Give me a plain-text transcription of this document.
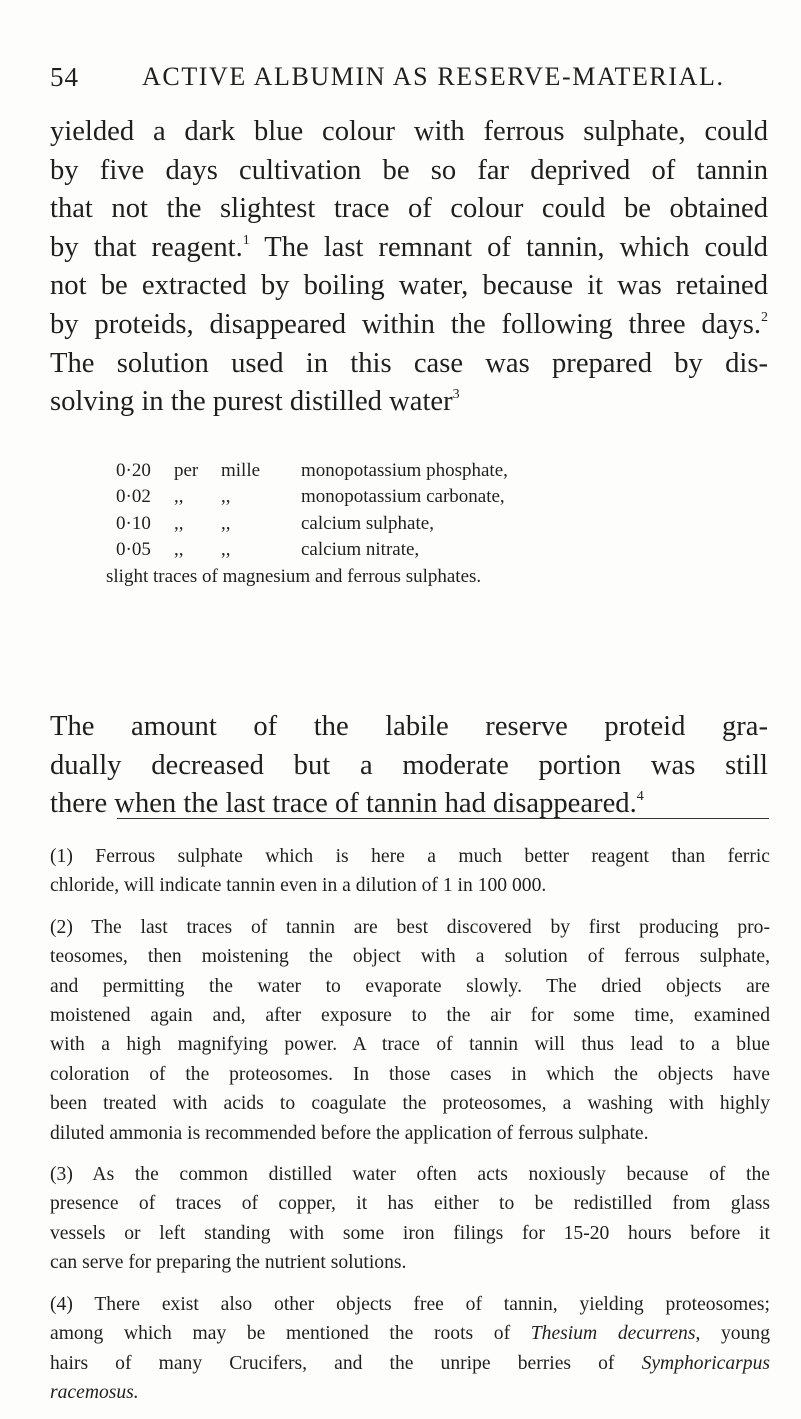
54 ACTIVE ALBUMIN AS RESERVE-MATERIAL.
yielded a dark blue colour with ferrous sulphate, could
by five days cultivation be so far deprived of tannin
that not the slightest trace of colour could be obtained
by that reagent.$^1$ The last remnant of tannin, which could
not be extracted by boiling water, because it was retained
by proteids, disappeared within the following three days.$^2$
The solution used in this case was prepared by dis-
solving in the purest distilled water$^3$
0·20	per	mille monopotassium phosphate,
0·02	,,	,,	monopotassium carbonate,
0·10	,,	,,	calcium sulphate,
0·05	,,	,,	calcium nitrate,
slight traces of magnesium and ferrous sulphates.
The amount of the labile reserve proteid gra-
dually decreased but a moderate portion was still
there when the last trace of tannin had disappeared.$^4$
(1) Ferrous sulphate which is here a much better reagent than ferric
chloride, will indicate tannin even in a dilution of 1 in 100 000.
(2) The last traces of tannin are best discovered by first producing pro-
teosomes, then moistening the object with a solution of ferrous sulphate,
and permitting the water to evaporate slowly. The dried objects are
moistened again and, after exposure to the air for some time, examined
with a high magnifying power. A trace of tannin will thus lead to a blue
coloration of the proteosomes. In those cases in which the objects have
been treated with acids to coagulate the proteosomes, a washing with highly
diluted ammonia is recommended before the application of ferrous sulphate.
(3) As the common distilled water often acts noxiously because of the
presence of traces of copper, it has either to be redistilled from glass
vessels or left standing with some iron filings for 15-20 hours before it
can serve for preparing the nutrient solutions.
(4) There exist also other objects free of tannin, yielding proteosomes;
among which may be mentioned the roots of Thesium decurrens, young
hairs of many Crucifers, and the unripe berries of Symphoricarpus
racemosus.
